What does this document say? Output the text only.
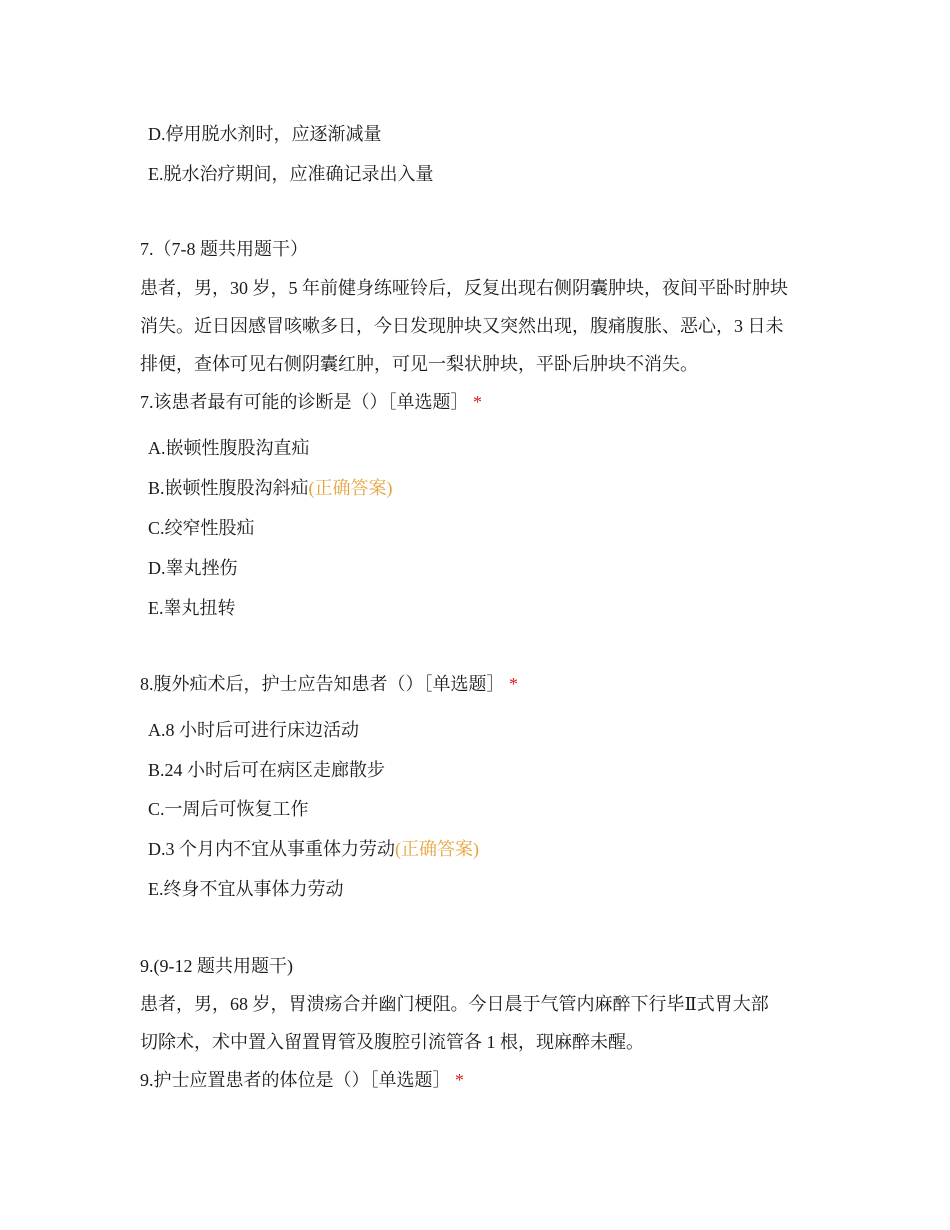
D.停用脱水剂时，应逐渐减量
E.脱水治疗期间，应准确记录出入量
7.（7-8 题共用题干）
患者，男，30 岁，5 年前健身练哑铃后，反复出现右侧阴囊肿块，夜间平卧时肿块
消失。近日因感冒咳嗽多日，今日发现肿块又突然出现，腹痛腹胀、恶心，3 日未
排便，查体可见右侧阴囊红肿，可见一梨状肿块，平卧后肿块不消失。
7.该患者最有可能的诊断是（）［单选题］ *
A.嵌顿性腹股沟直疝
B.嵌顿性腹股沟斜疝(正确答案)
C.绞窄性股疝
D.睾丸挫伤
E.睾丸扭转
8.腹外疝术后，护士应告知患者（）［单选题］ *
A.8 小时后可进行床边活动
B.24 小时后可在病区走廊散步
C.一周后可恢复工作
D.3 个月内不宜从事重体力劳动(正确答案)
E.终身不宜从事体力劳动
9.(9-12 题共用题干)
患者，男，68 岁，胃溃疡合并幽门梗阻。今日晨于气管内麻醉下行毕Ⅱ式胃大部
切除术，术中置入留置胃管及腹腔引流管各 1 根，现麻醉未醒。
9.护士应置患者的体位是（）［单选题］ *
